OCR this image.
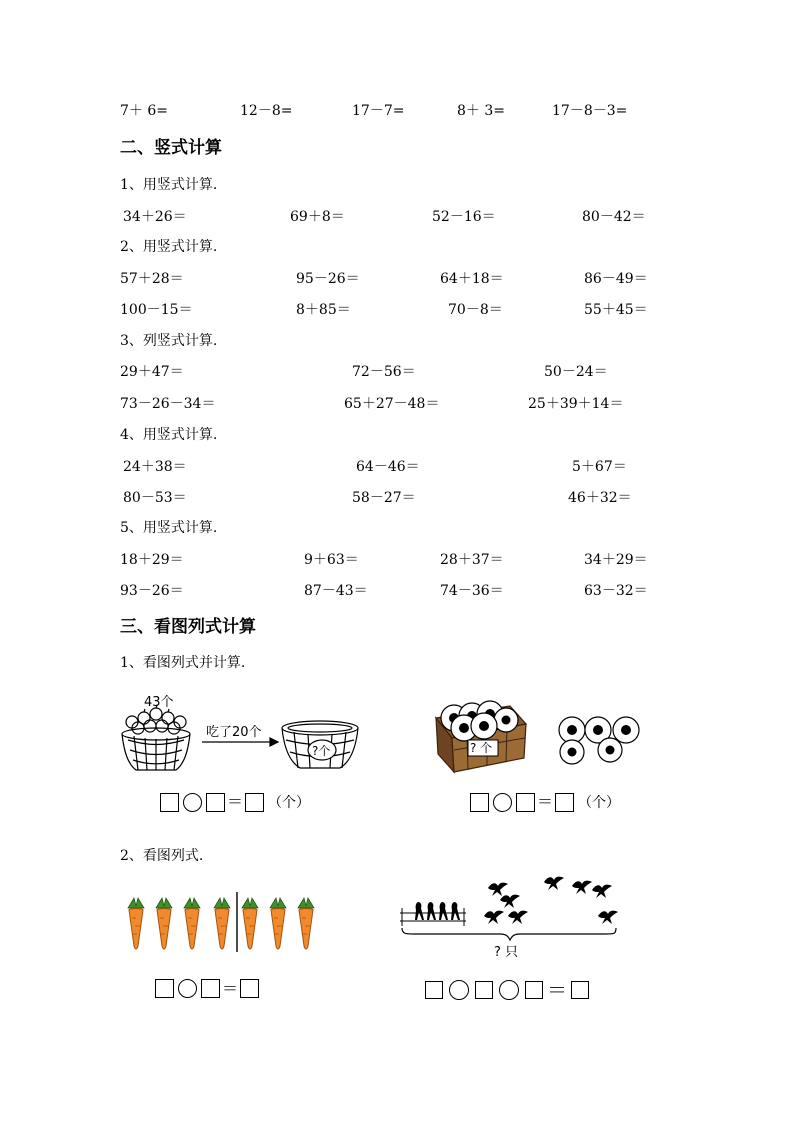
7＋ 6=	12－8=	17－7=	8＋ 3=	17－8－3=
二、竖式计算
1、用竖式计算.
34＋26＝	69＋8＝	52－16＝	80－42＝
2、用竖式计算.
57＋28＝	95－26＝	64＋18＝	86－49＝
100－15＝	8＋85＝	70－8＝	55＋45＝
3、列竖式计算.
29＋47＝	72－56＝	50－24＝
73－26－34＝	65＋27－48＝	25＋39＋14＝
4、用竖式计算.
24＋38＝	64－46＝	5＋67＝
80－53＝	58－27＝	46＋32＝
5、用竖式计算.
18＋29＝	9＋63＝	28＋37＝	34＋29＝
93－26＝	87－43＝	74－36＝	63－32＝
三、看图列式计算
1、看图列式并计算.
43个
吃了20个
?个	? 个
＝ （个）	＝ （个）
2、看图列式.
? 只
＝	＝
